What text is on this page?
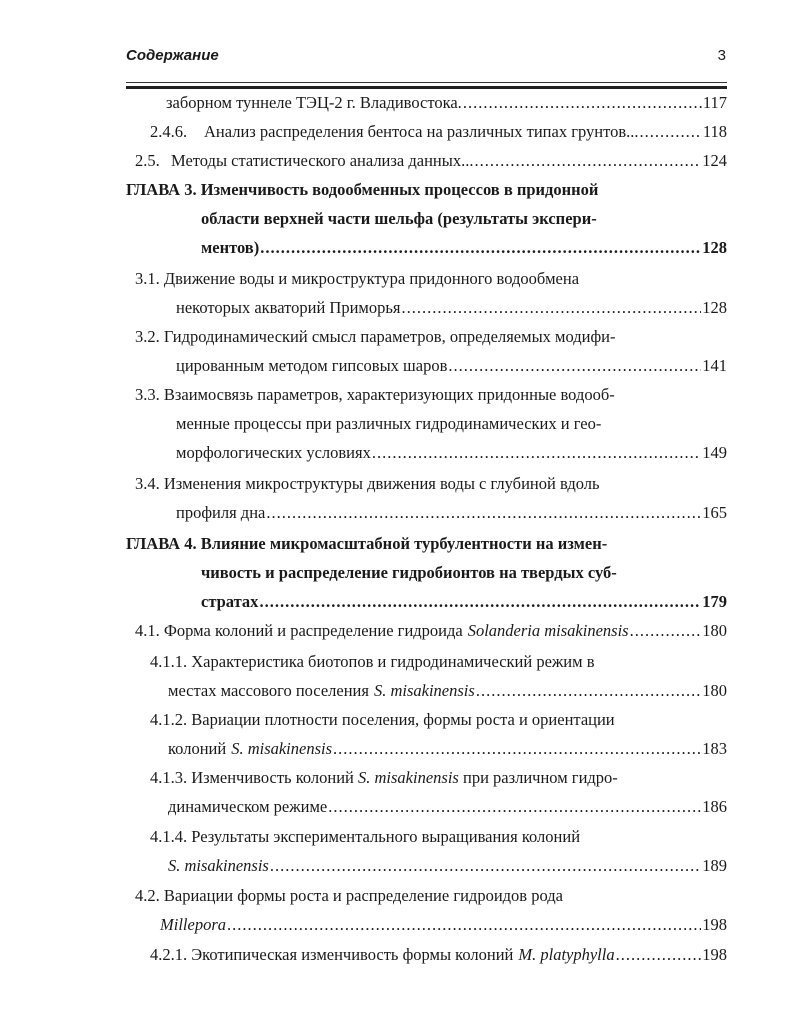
Содержание	3
заборном туннеле ТЭЦ-2 г. Владивостока. .....	117
2.4.6.	Анализ распределения бентоса на различных типах грунтов... .....	118
2.5. Методы статистического анализа данных... .....	124
ГЛАВА 3. Изменчивость водообменных процессов в придонной
области верхней части шельфа (результаты экспери-
ментов) .....	128
3.1. Движение воды и микроструктура придонного водообмена
некоторых акваторий Приморья .....	128
3.2. Гидродинамический смысл параметров, определяемых модифи-
цированным методом гипсовых шаров .....	141
3.3. Взаимосвязь параметров, характеризующих придонные водооб-
менные процессы при различных гидродинамических и гео-
морфологических условиях .....	149
3.4. Изменения микроструктуры движения воды с глубиной вдоль
профиля дна .....	165
ГЛАВА 4. Влияние микромасштабной турбулентности на измен-
чивость и распределение гидробионтов на твердых суб-
стратах .....	179
4.1. Форма колоний и распределение гидроида Solanderia misakinensis .....	180
4.1.1. Характеристика биотопов и гидродинамический режим в
местах массового поселения S. misakinensis .....	180
4.1.2. Вариации плотности поселения, формы роста и ориентации
колоний S. misakinensis .....	183
4.1.3. Изменчивость колоний S. misakinensis при различном гидро-
динамическом режиме .....	186
4.1.4. Результаты экспериментального выращивания колоний
S. misakinensis .....	189
4.2. Вариации формы роста и распределение гидроидов рода
Millepora .....	198
4.2.1. Экотипическая изменчивость формы колоний M. platyphylla .....	198
